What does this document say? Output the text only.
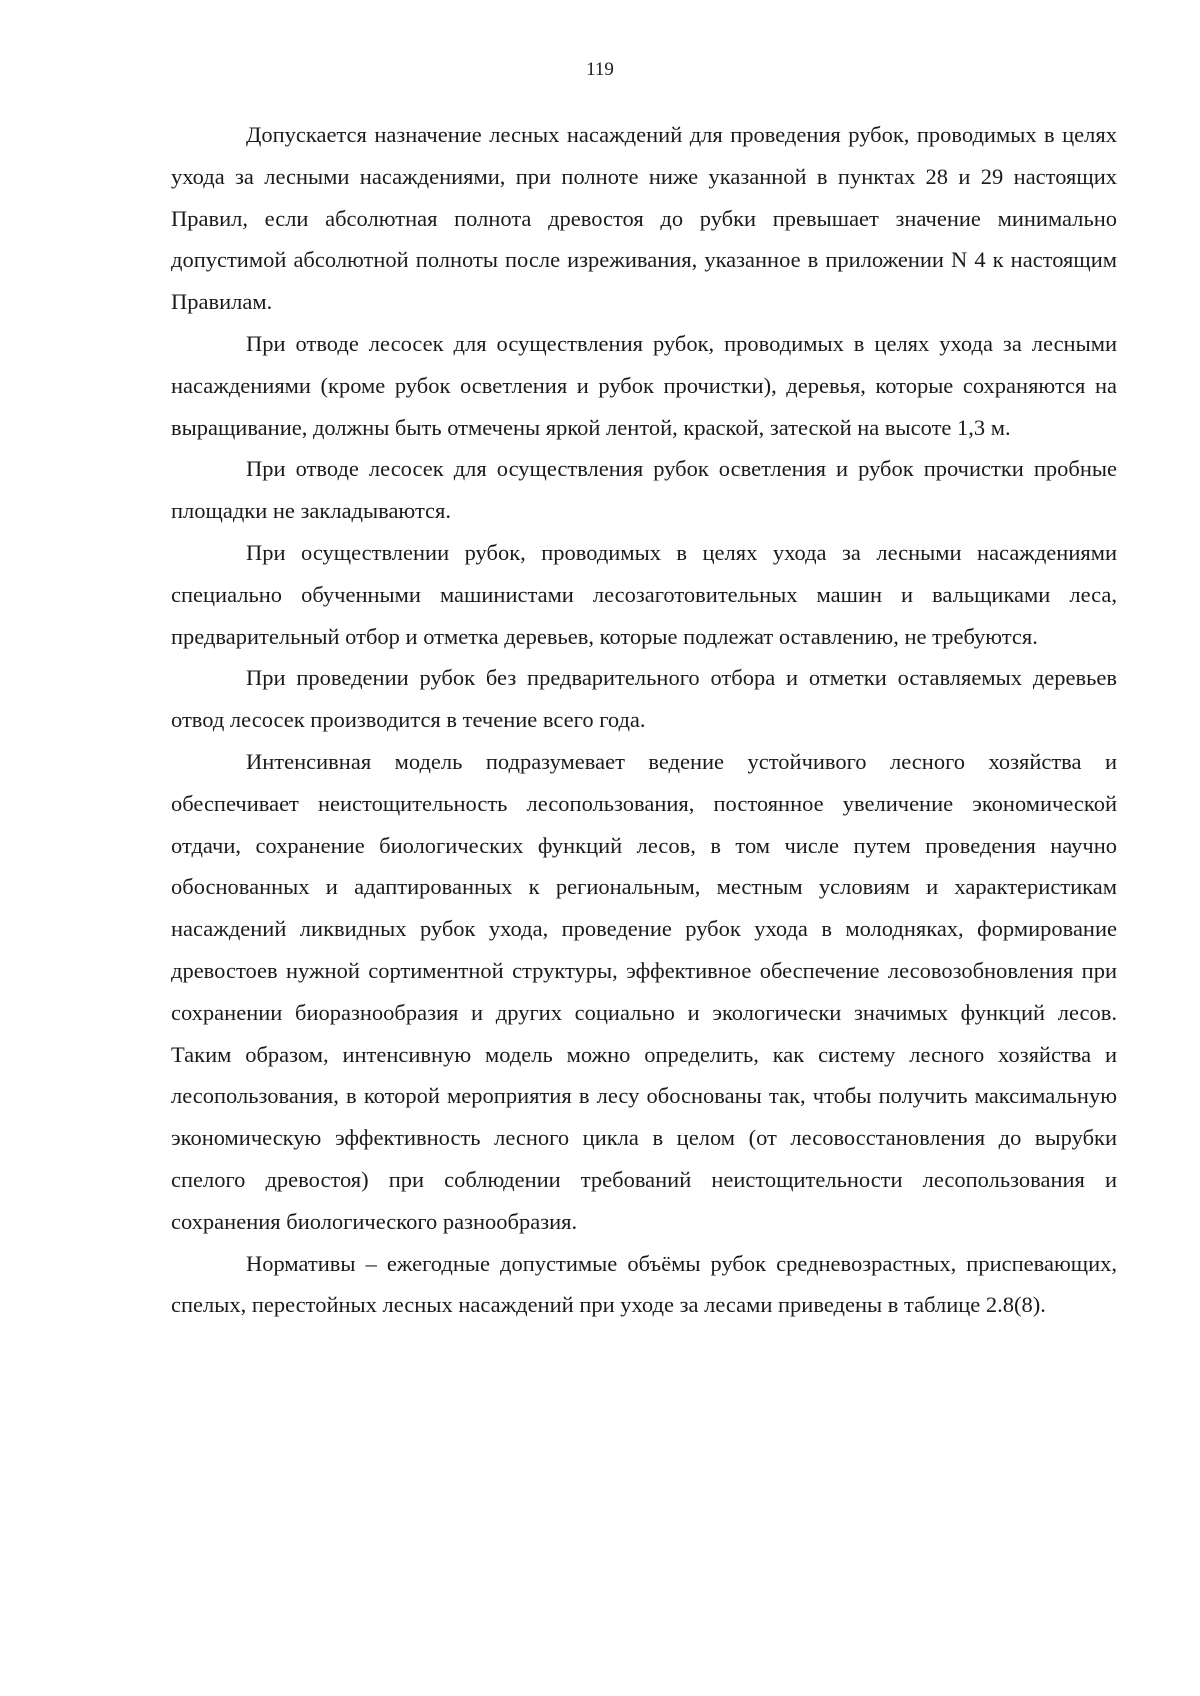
119

Допускается назначение лесных насаждений для проведения рубок, проводимых в целях ухода за лесными насаждениями, при полноте ниже указанной в пунктах 28 и 29 настоящих Правил, если абсолютная полнота древостоя до рубки превышает значение минимально допустимой абсолютной полноты после изреживания, указанное в приложении N 4 к настоящим Правилам.

При отводе лесосек для осуществления рубок, проводимых в целях ухода за лесными насаждениями (кроме рубок осветления и рубок прочистки), деревья, которые сохраняются на выращивание, должны быть отмечены яркой лентой, краской, затеской на высоте 1,3 м.

При отводе лесосек для осуществления рубок осветления и рубок прочистки пробные площадки не закладываются.

При осуществлении рубок, проводимых в целях ухода за лесными насаждениями специально обученными машинистами лесозаготовительных машин и вальщиками леса, предварительный отбор и отметка деревьев, которые подлежат оставлению, не требуются.

При проведении рубок без предварительного отбора и отметки оставляемых деревьев отвод лесосек производится в течение всего года.

Интенсивная модель подразумевает ведение устойчивого лесного хозяйства и обеспечивает неистощительность лесопользования, постоянное увеличение экономической отдачи, сохранение биологических функций лесов, в том числе путем проведения научно обоснованных и адаптированных к региональным, местным условиям и характеристикам насаждений ликвидных рубок ухода, проведение рубок ухода в молодняках, формирование древостоев нужной сортиментной структуры, эффективное обеспечение лесовозобновления при сохранении биоразнообразия и других социально и экологически значимых функций лесов. Таким образом, интенсивную модель можно определить, как систему лесного хозяйства и лесопользования, в которой мероприятия в лесу обоснованы так, чтобы получить максимальную экономическую эффективность лесного цикла в целом (от лесовосстановления до вырубки спелого древостоя) при соблюдении требований неистощительности лесопользования и сохранения биологического разнообразия.

Нормативы – ежегодные допустимые объёмы рубок средневозрастных, приспевающих, спелых, перестойных лесных насаждений при уходе за лесами приведены в таблице 2.8(8).
